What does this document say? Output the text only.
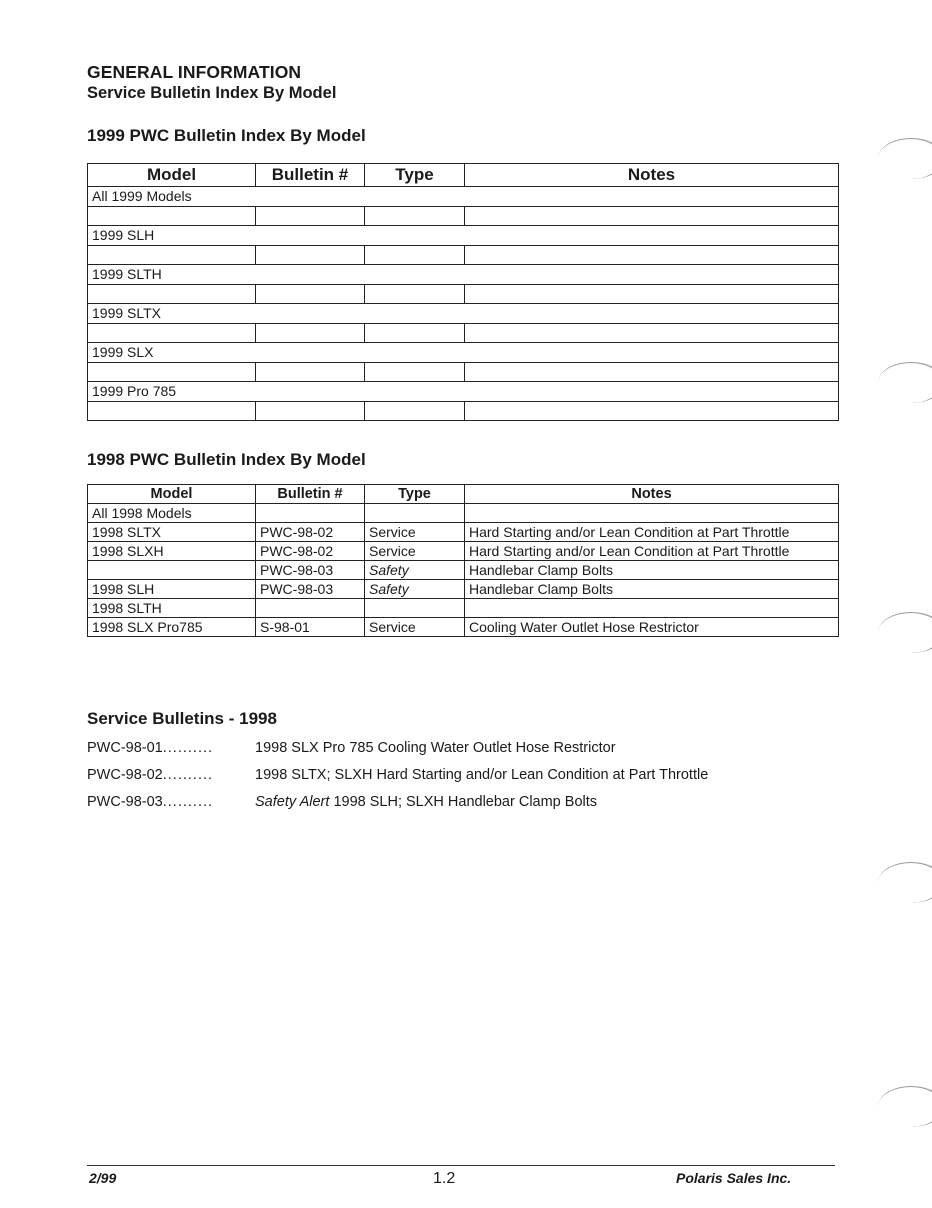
GENERAL INFORMATION
Service Bulletin Index By Model
1999 PWC Bulletin Index By Model
Model	Bulletin #	Type	Notes
All 1999 Models			

1999 SLH			

1999 SLTH			

1999 SLTX			

1999 SLX			

1999 Pro 785			

1998 PWC Bulletin Index By Model
Model	Bulletin #	Type	Notes
All 1998 Models			
1998 SLTX	PWC-98-02	Service	Hard Starting and/or Lean Condition at Part Throttle
1998 SLXH	PWC-98-02	Service	Hard Starting and/or Lean Condition at Part Throttle
	PWC-98-03	Safety	Handlebar Clamp Bolts
1998 SLH	PWC-98-03	Safety	Handlebar Clamp Bolts
1998 SLTH			
1998 SLX Pro785	S-98-01	Service	Cooling Water Outlet Hose Restrictor
Service Bulletins - 1998
PWC-98-01..........	1998 SLX Pro 785 Cooling Water Outlet Hose Restrictor
PWC-98-02..........	1998 SLTX; SLXH Hard Starting and/or Lean Condition at Part Throttle
PWC-98-03..........	Safety Alert 1998 SLH; SLXH Handlebar Clamp Bolts
2/99	1.2	Polaris Sales Inc.
